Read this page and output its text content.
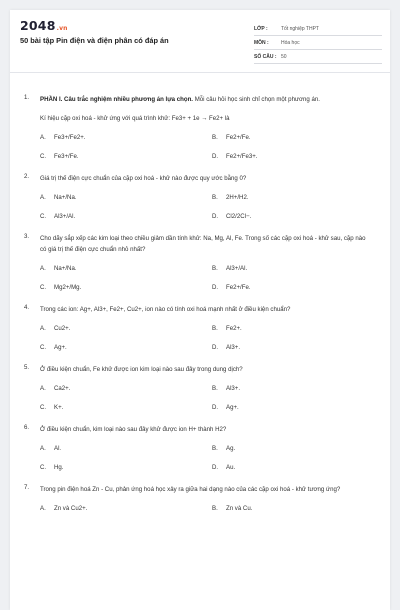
2048.vn
50 bài tập Pin điện và điện phân có đáp án
LỚP :	Tốt nghiệp THPT
MÔN :	Hóa học
SỐ CÂU : 50
1. PHẦN I. Câu trắc nghiệm nhiều phương án lựa chọn. Mỗi câu hỏi học sinh chỉ chọn một phương án.
Kí hiệu cặp oxi hoá - khử ứng với quá trình khử: Fe3+ + 1e → Fe2+ là
A.	Fe3+/Fe2+.	B.	Fe2+/Fe.
C.	Fe3+/Fe.	D.	Fe2+/Fe3+.
2. Giá trị thế điện cực chuẩn của cặp oxi hoá - khử nào được quy ước bằng 0?
A.	Na+/Na.	B.	2H+/H2.
C.	Al3+/Al.	D.	Cl2/2Cl−.
3. Cho dãy sắp xếp các kim loại theo chiều giảm dần tính khử: Na, Mg, Al, Fe. Trong số các cặp oxi hoá - khử sau, cặp nào có giá trị thế điện cực chuẩn nhỏ nhất?
A.	Na+/Na.	B.	Al3+/Al.
C.	Mg2+/Mg.	D.	Fe2+/Fe.
4. Trong các ion: Ag+, Al3+, Fe2+, Cu2+, ion nào có tính oxi hoá mạnh nhất ở điều kiện chuẩn?
A.	Cu2+.	B.	Fe2+.
C.	Ag+.	D.	Al3+.
5. Ở điều kiện chuẩn, Fe khử được ion kim loại nào sau đây trong dung dịch?
A.	Ca2+.	B.	Al3+.
C.	K+.	D.	Ag+.
6. Ở điều kiện chuẩn, kim loại nào sau đây khử được ion H+ thành H2?
A.	Al.	B.	Ag.
C.	Hg.	D.	Au.
7. Trong pin điện hoá Zn - Cu, phản ứng hoá học xảy ra giữa hai dạng nào của các cặp oxi hoá - khử tương ứng?
A.	Zn và Cu2+.	B.	Zn và Cu.
